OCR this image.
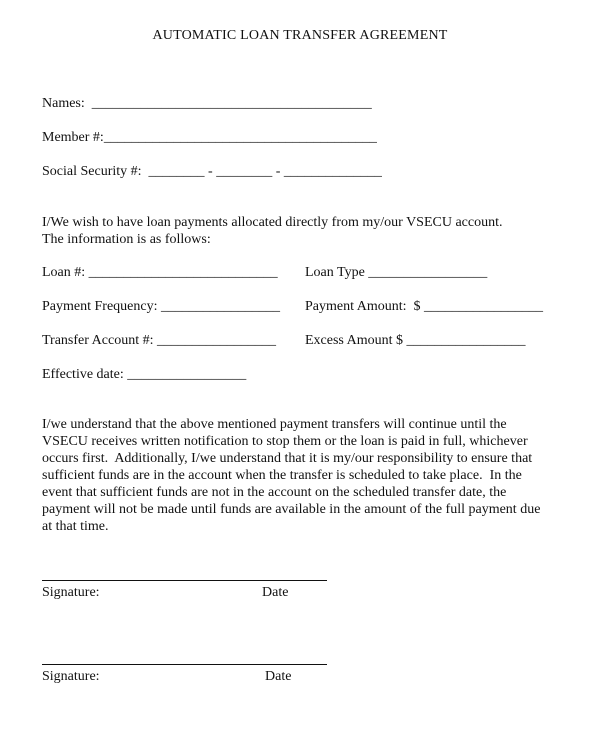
AUTOMATIC LOAN TRANSFER AGREEMENT
Names:  ________________________________________
Member #:_______________________________________
Social Security #:  ________ - ________ - ______________
I/We wish to have loan payments allocated directly from my/our VSECU account.
The information is as follows:
Loan #: ___________________________ Loan Type _________________
Payment Frequency: _________________ Payment Amount:  $ _________________
Transfer Account #: _________________ Excess Amount $ _________________
Effective date: _________________
I/we understand that the above mentioned payment transfers will continue until the
VSECU receives written notification to stop them or the loan is paid in full, whichever
occurs first.  Additionally, I/we understand that it is my/our responsibility to ensure that
sufficient funds are in the account when the transfer is scheduled to take place.  In the
event that sufficient funds are not in the account on the scheduled transfer date, the
payment will not be made until funds are available in the amount of the full payment due
at that time.
Signature:	Date
Signature:	Date
